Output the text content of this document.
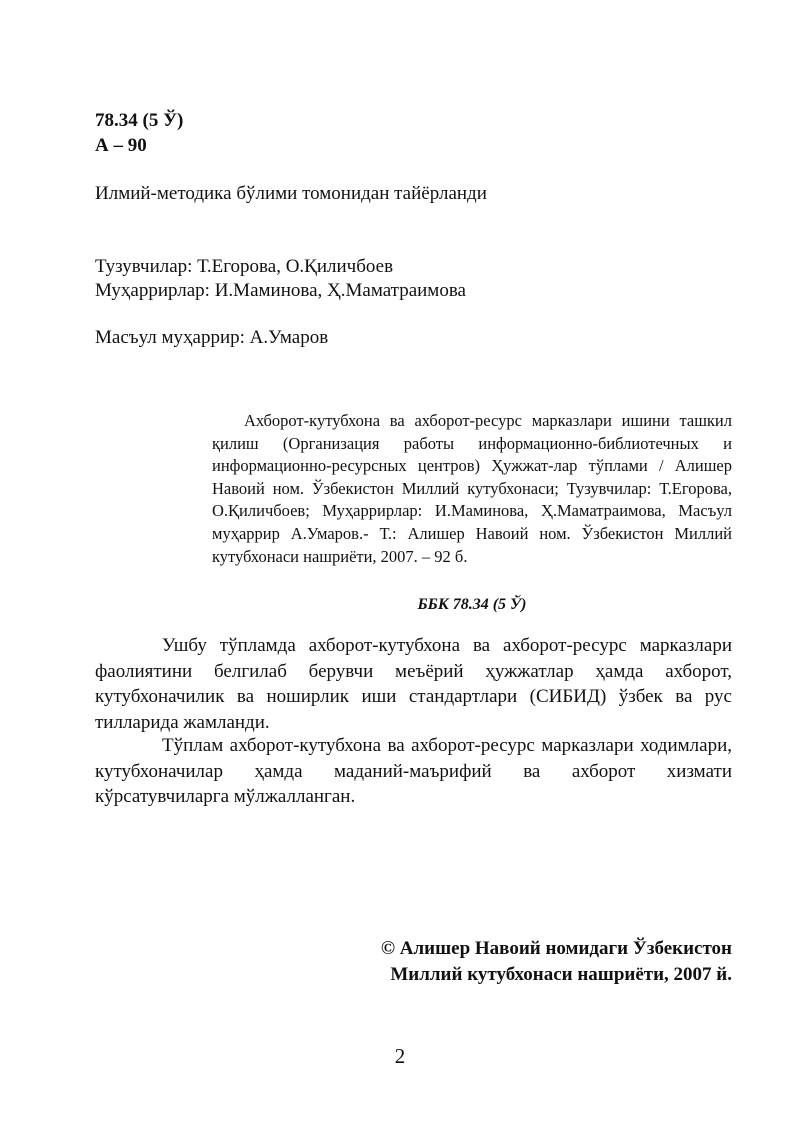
78.34 (5 Ў)
А – 90
Илмий-методика бўлими томонидан тайёрланди
Тузувчилар: Т.Егорова, О.Қиличбоев
Муҳаррирлар: И.Маминова, Ҳ.Маматраимова
Масъул муҳаррир: А.Умаров

Ахборот-кутубхона ва ахборот-ресурс марказлари ишини ташкил қилиш (Организация работы информационно-библиотечных и информационно-ресурсных центров) Ҳужжат-лар тўплами / Алишер Навоий ном. Ўзбекистон Миллий кутубхонаси; Тузувчилар: Т.Егорова, О.Қиличбоев; Муҳаррирлар: И.Маминова, Ҳ.Маматраимова, Масъул муҳаррир А.Умаров.- Т.: Алишер Навоий ном. Ўзбекистон Миллий кутубхонаси нашриёти, 2007. – 92 б.

ББК 78.34 (5 Ў)

Ушбу тўпламда ахборот-кутубхона ва ахборот-ресурс марказлари фаолиятини белгилаб берувчи меъёрий ҳужжатлар ҳамда ахборот, кутубхоначилик ва ноширлик иши стандартлари (СИБИД) ўзбек ва рус тилларида жамланди.

Тўплам ахборот-кутубхона ва ахборот-ресурс марказлари ходимлари, кутубхоначилар ҳамда маданий-маърифий ва ахборот хизмати кўрсатувчиларга мўлжалланган.

© Алишер Навоий номидаги Ўзбекистон
Миллий кутубхонаси нашриёти, 2007 й.
2
